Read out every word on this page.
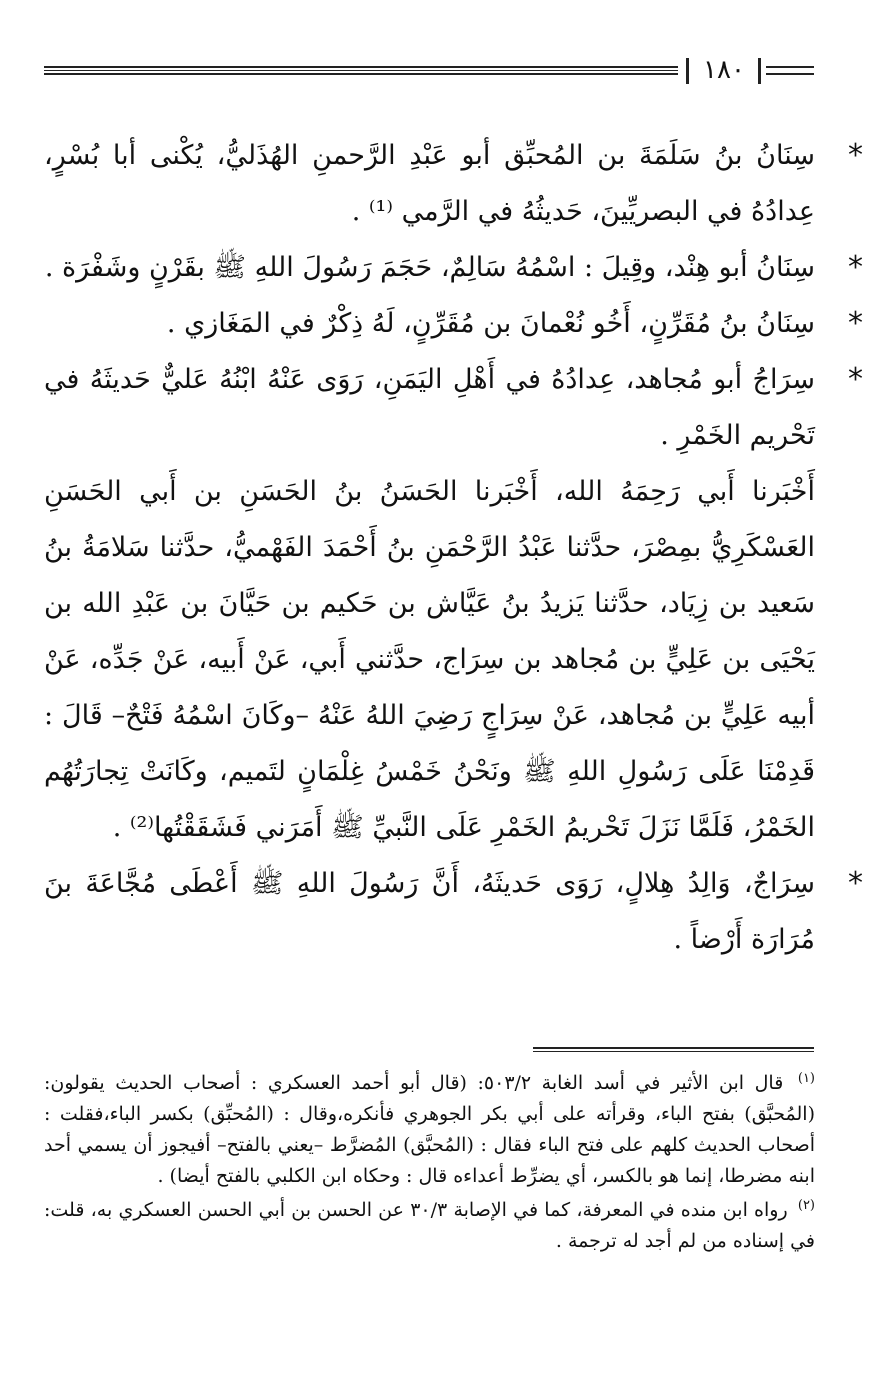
١٨٠

*
سِنَانُ بنُ سَلَمَةَ بن المُحبِّق أبو عَبْدِ الرَّحمنِ الهُذَليُّ، يُكْنى أبا بُسْرٍ، عِدادُهُ في البصريِّينَ، حَديثُهُ في الرَّمي ⁽¹⁾ .

*
سِنَانُ أبو هِنْد، وقِيلَ : اسْمُهُ سَالِمٌ، حَجَمَ رَسُولَ اللهِ ﷺ بقَرْنٍ وشَفْرَة .

*
سِنَانُ بنُ مُقَرِّنٍ، أَخُو نُعْمانَ بن مُقَرِّنٍ، لَهُ ذِكْرٌ في المَغَازي .

*
سِرَاجُ أبو مُجاهد، عِدادُهُ في أَهْلِ اليَمَنِ، رَوَى عَنْهُ ابْنُهُ عَليٌّ حَديثَهُ في تَحْريم الخَمْرِ .

أَخْبَرنا أَبي رَحِمَهُ الله، أَخْبَرنا الحَسَنُ بنُ الحَسَنِ بن أَبي الحَسَنِ العَسْكَرِيُّ بمِصْرَ، حدَّثنا عَبْدُ الرَّحْمَنِ بنُ أَحْمَدَ الفَهْميُّ، حدَّثنا سَلامَةُ بنُ سَعيد بن زِيَاد، حدَّثنا يَزيدُ بنُ عَيَّاش بن حَكيم بن حَيَّانَ بن عَبْدِ الله بن يَحْيَى بن عَلِيٍّ بن مُجاهد بن سِرَاج، حدَّثني أَبي، عَنْ أَبيه، عَنْ جَدِّه، عَنْ أبيه عَلِيٍّ بن مُجاهد، عَنْ سِرَاجٍ رَضِيَ اللهُ عَنْهُ –وكَانَ اسْمُهُ فَتْحٌ– قَالَ : قَدِمْنَا عَلَى رَسُولِ اللهِ ﷺ ونَحْنُ خَمْسُ غِلْمَانٍ لتَميم، وكَانَتْ تِجارَتُهُم الخَمْرُ، فَلَمَّا نَزَلَ تَحْريمُ الخَمْرِ عَلَى النَّبيِّ ﷺ أَمَرَني فَشَقَقْتُها⁽²⁾ .

*
سِرَاجٌ، وَالِدُ هِلالٍ، رَوَى حَديثَهُ، أَنَّ رَسُولَ اللهِ ﷺ أَعْطَى مُجَّاعَةَ بنَ مُرَارَة أَرْضاً .

$^{(١)}$ قال ابن الأثير في أسد الغابة ٥٠٣/٢: (قال أبو أحمد العسكري : أصحاب الحديث يقولون: (المُحبَّق) بفتح الباء، وقرأته على أبي بكر الجوهري فأنكره،وقال : (المُحبِّق) بكسر الباء،فقلت : أصحاب الحديث كلهم على فتح الباء فقال : (المُحبَّق) المُضرَّط –يعني بالفتح– أفيجوز أن يسمي أحد ابنه مضرطا، إنما هو بالكسر، أي يضرِّط أعداءه قال : وحكاه ابن الكلبي بالفتح أيضا) .

$^{(٢)}$ رواه ابن منده في المعرفة، كما في الإصابة ٣٠/٣ عن الحسن بن أبي الحسن العسكري به، قلت: في إسناده من لم أجد له ترجمة .
